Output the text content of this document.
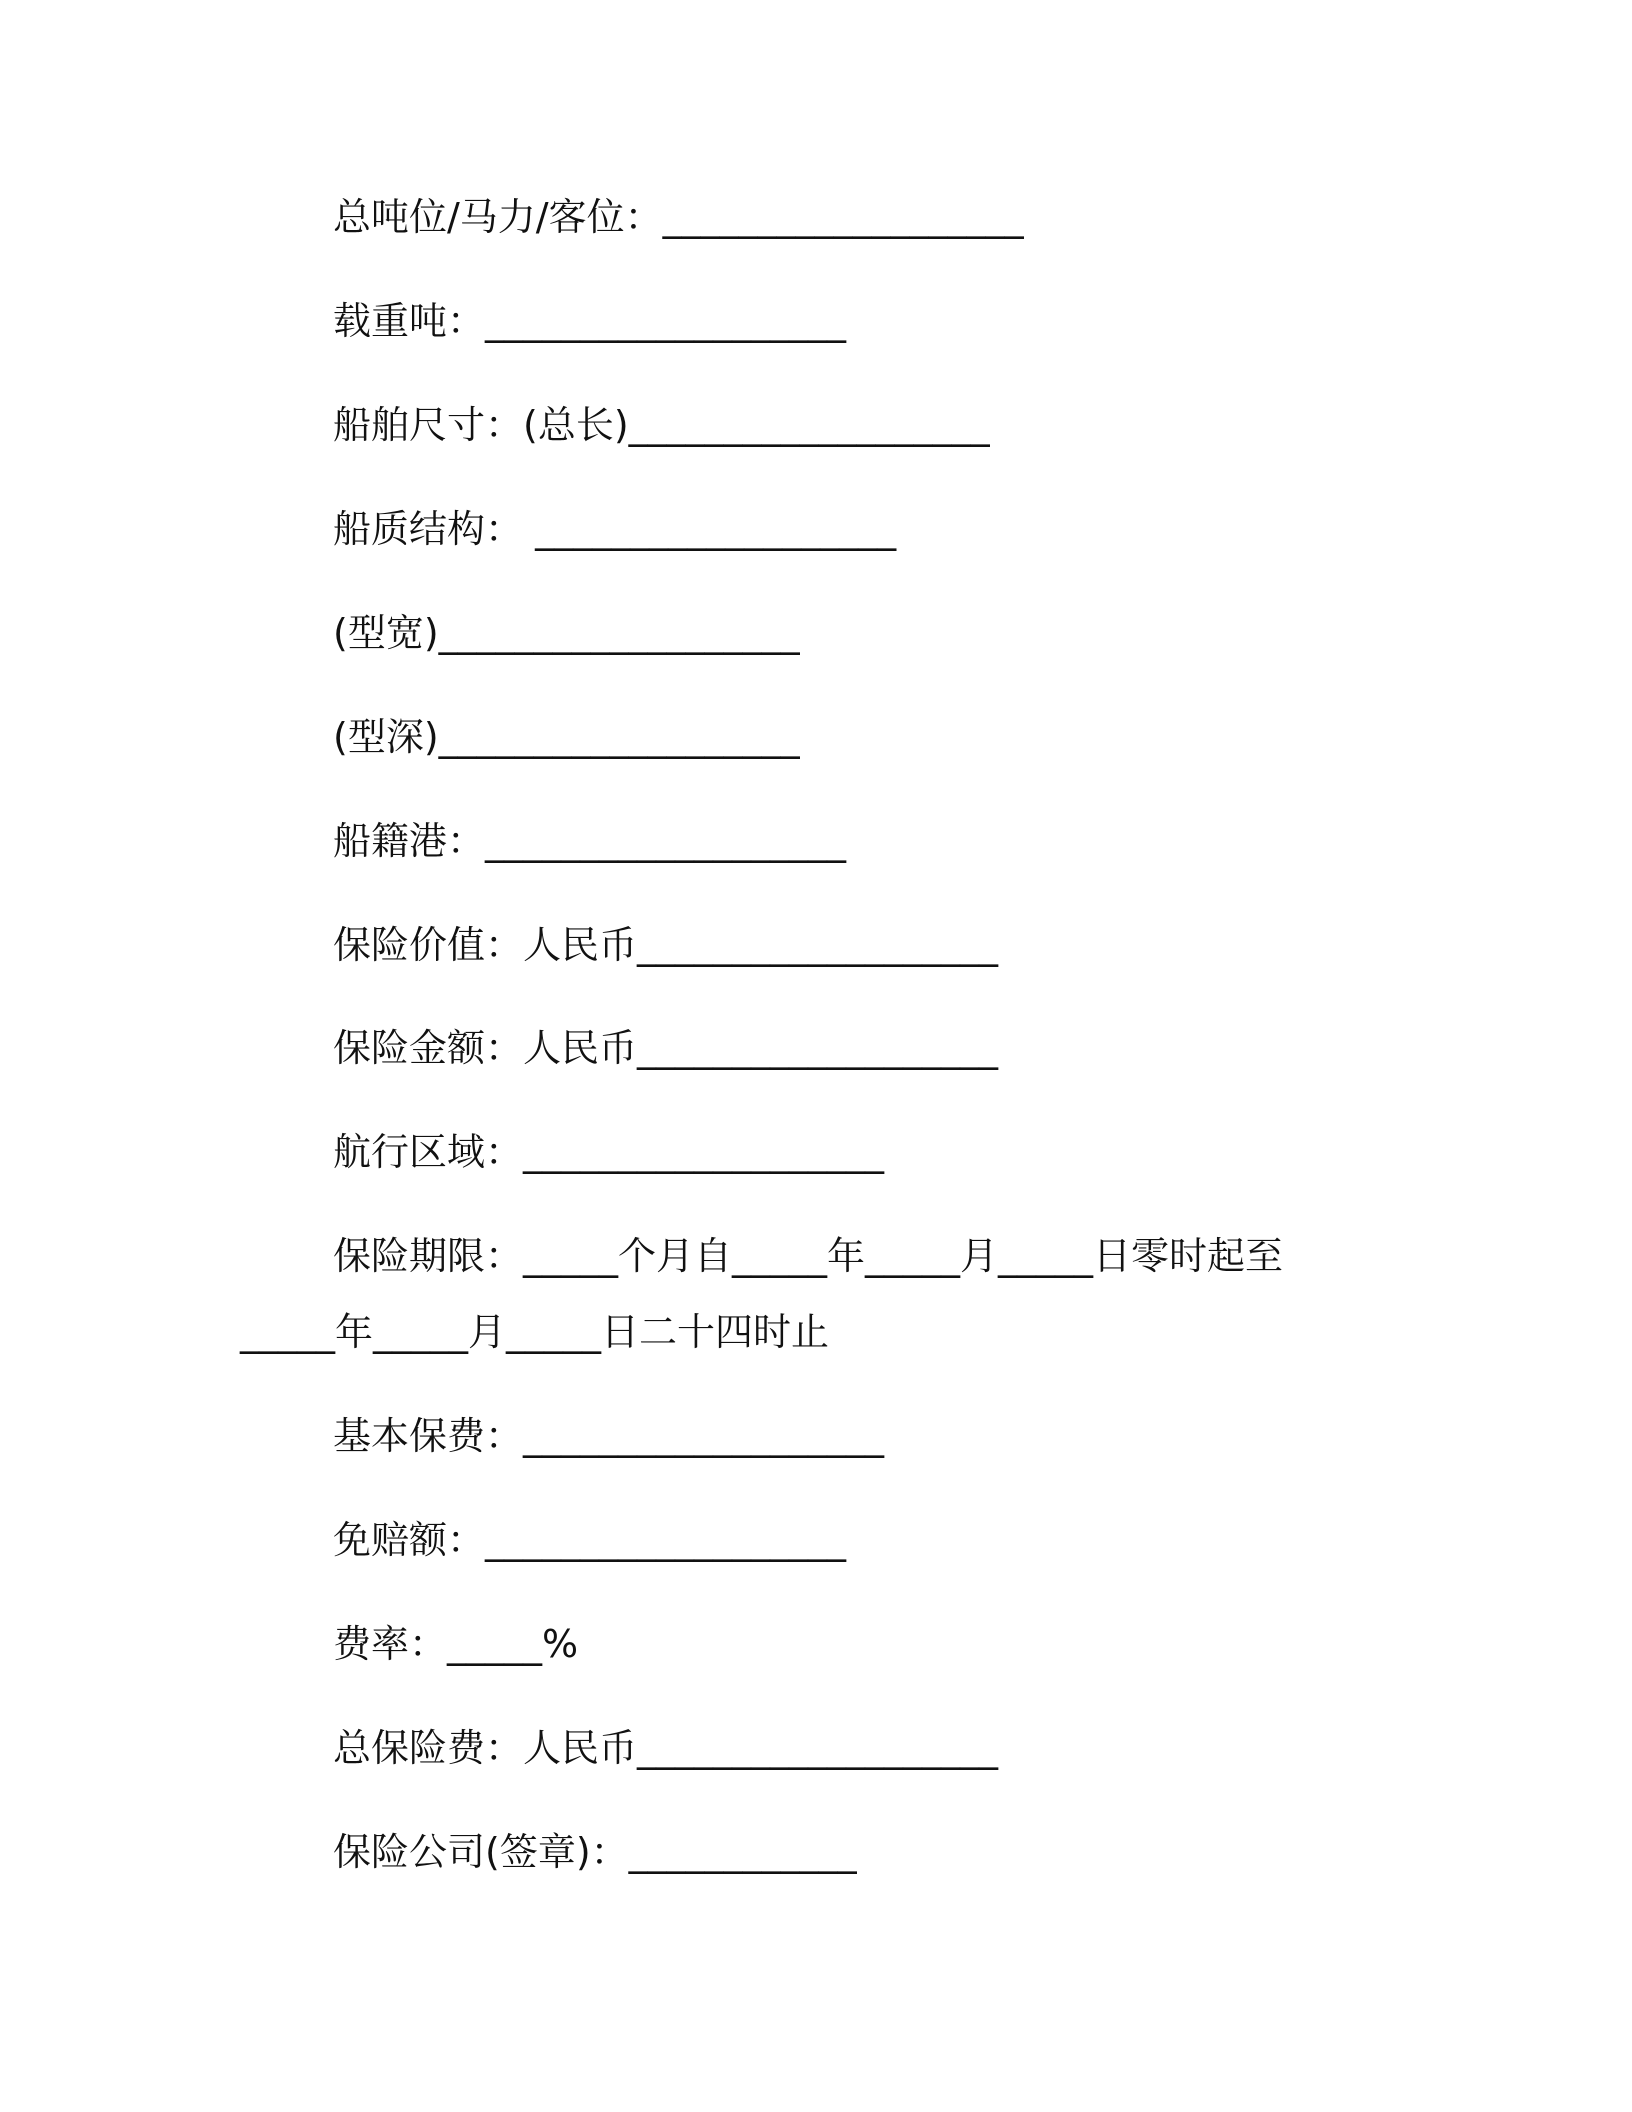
总吨位/马力/客位：___________________
载重吨：___________________
船舶尺寸：(总长)___________________
船质结构： ___________________
(型宽)___________________
(型深)___________________
船籍港：___________________
保险价值：人民币___________________
保险金额：人民币___________________
航行区域：___________________
保险期限：_____个月自_____年_____月_____日零时起至
_____年_____月_____日二十四时止
基本保费：___________________
免赔额：___________________
费率：_____%
总保险费：人民币___________________
保险公司(签章)：____________
